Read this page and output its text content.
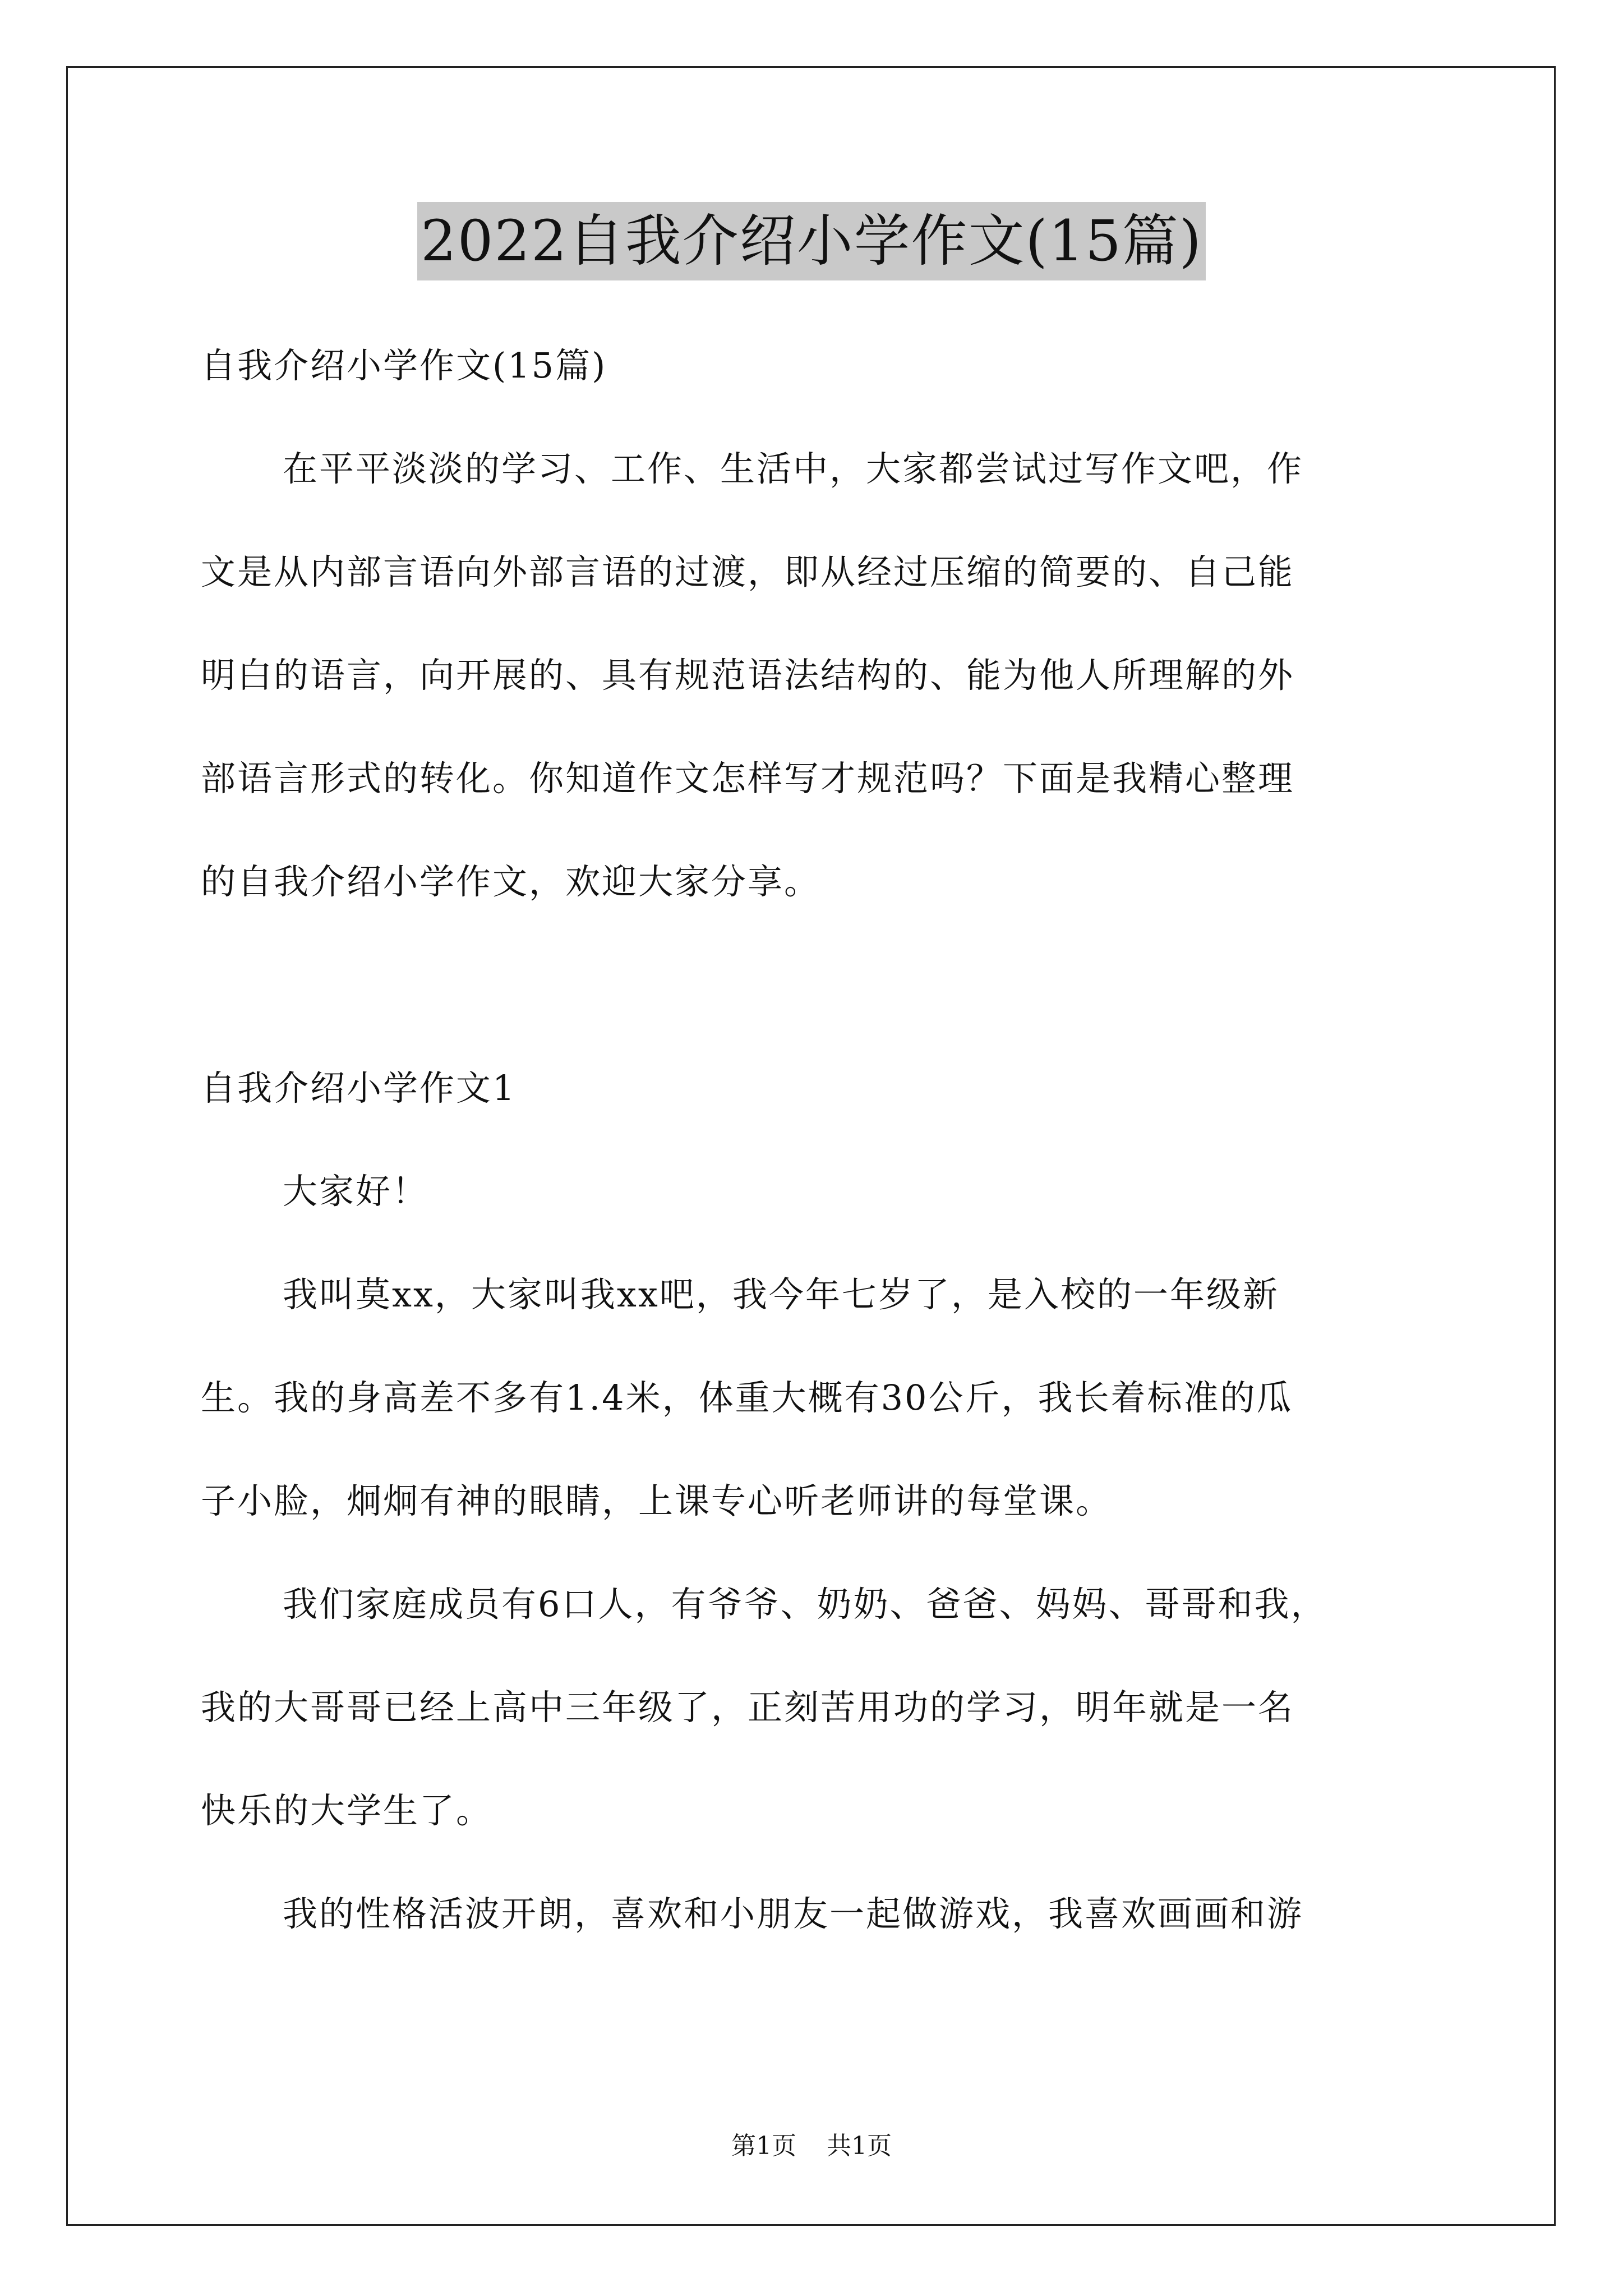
2022自我介绍小学作文(15篇)
自我介绍小学作文(15篇)
在平平淡淡的学习、工作、生活中，大家都尝试过写作文吧，作
文是从内部言语向外部言语的过渡，即从经过压缩的简要的、自己能
明白的语言，向开展的、具有规范语法结构的、能为他人所理解的外
部语言形式的转化。你知道作文怎样写才规范吗？下面是我精心整理
的自我介绍小学作文，欢迎大家分享。
自我介绍小学作文1
大家好！
我叫莫xx，大家叫我xx吧，我今年七岁了，是入校的一年级新
生。我的身高差不多有1.4米，体重大概有30公斤，我长着标准的瓜
子小脸，炯炯有神的眼睛，上课专心听老师讲的每堂课。
我们家庭成员有6口人，有爷爷、奶奶、爸爸、妈妈、哥哥和我，
我的大哥哥已经上高中三年级了，正刻苦用功的学习，明年就是一名
快乐的大学生了。
我的性格活波开朗，喜欢和小朋友一起做游戏，我喜欢画画和游
第1页 共1页
